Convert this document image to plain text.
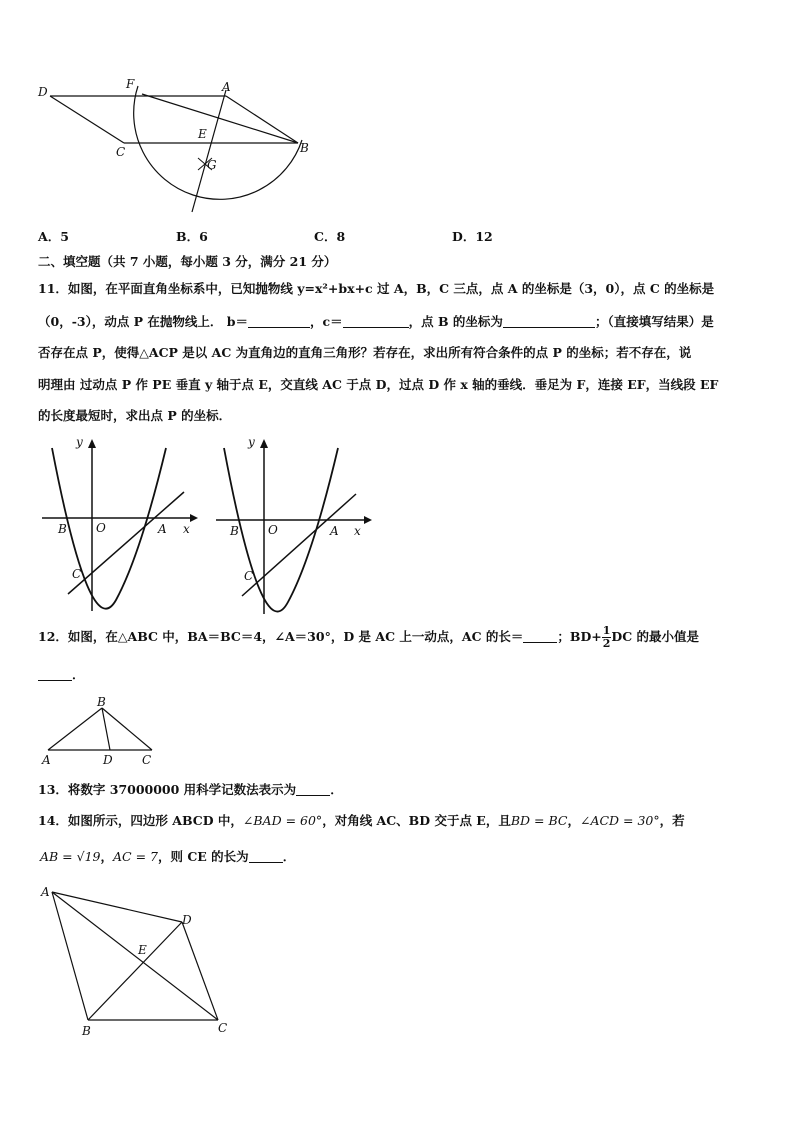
D
F	A
E
C	B
G
A．5	B．6	C．8	D．12
二、填空题（共 7 小题，每小题 3 分，满分 21 分）
11．如图，在平面直角坐标系中，已知抛物线 y=x²+bx+c 过 A，B，C 三点，点 A 的坐标是（3，0），点 C 的坐标是
（0，-3），动点 P 在抛物线上． b＝	，c＝	，点 B 的坐标为	；（直接填写结果）是
否存在点 P，使得△ACP 是以 AC 为直角边的直角三角形？若存在，求出所有符合条件的点 P 的坐标；若不存在，说
明理由 过动点 P 作 PE 垂直 y 轴于点 E，交直线 AC 于点 D，过点 D 作 x 轴的垂线．垂足为 F，连接 EF，当线段 EF
的长度最短时，求出点 P 的坐标．
y
x
B O	A
C
y
x
B O	A
C
12．如图，在△ABC 中，BA＝BC＝4，∠A＝30°，D 是 AC 上一动点，AC 的长＝	；$BD+ \frac{1}{2}$ DC 的最小值是
．
B
A	D C
13．将数字 37000000 用科学记数法表示为	．
14．如图所示，四边形 ABCD 中，∠BAD = 60°，对角线 AC、BD 交于点 E，且BD = BC，∠ACD = 30°，若
AB = √19，AC = 7，则 CE 的长为	．
A
D
E
B	C
